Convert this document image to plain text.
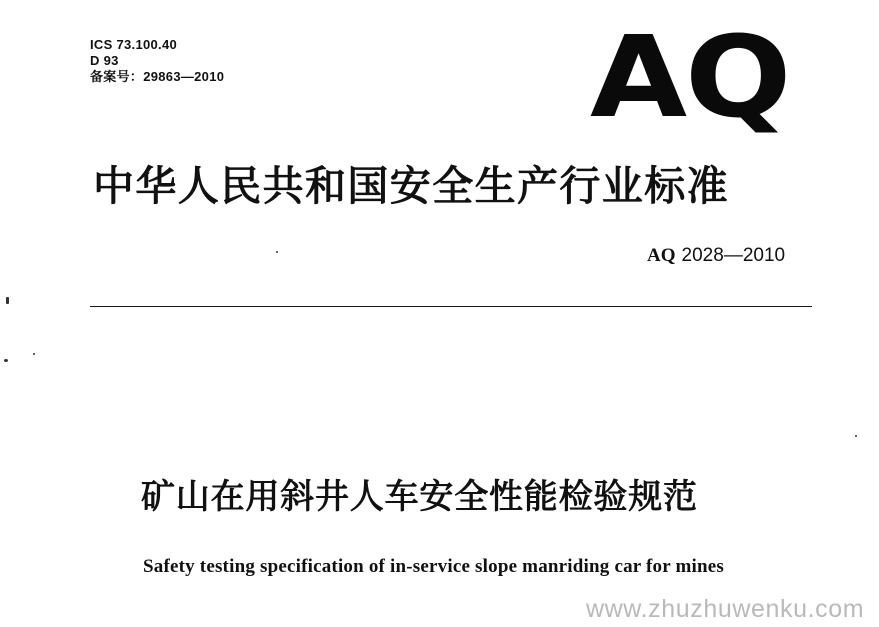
ICS 73.100.40
D 93
备案号：29863—2010	AQ
中华人民共和国安全生产行业标准
AQ 2028—2010
矿山在用斜井人车安全性能检验规范
Safety testing specification of in-service slope manriding car for mines
www.zhuzhuwenku.com
